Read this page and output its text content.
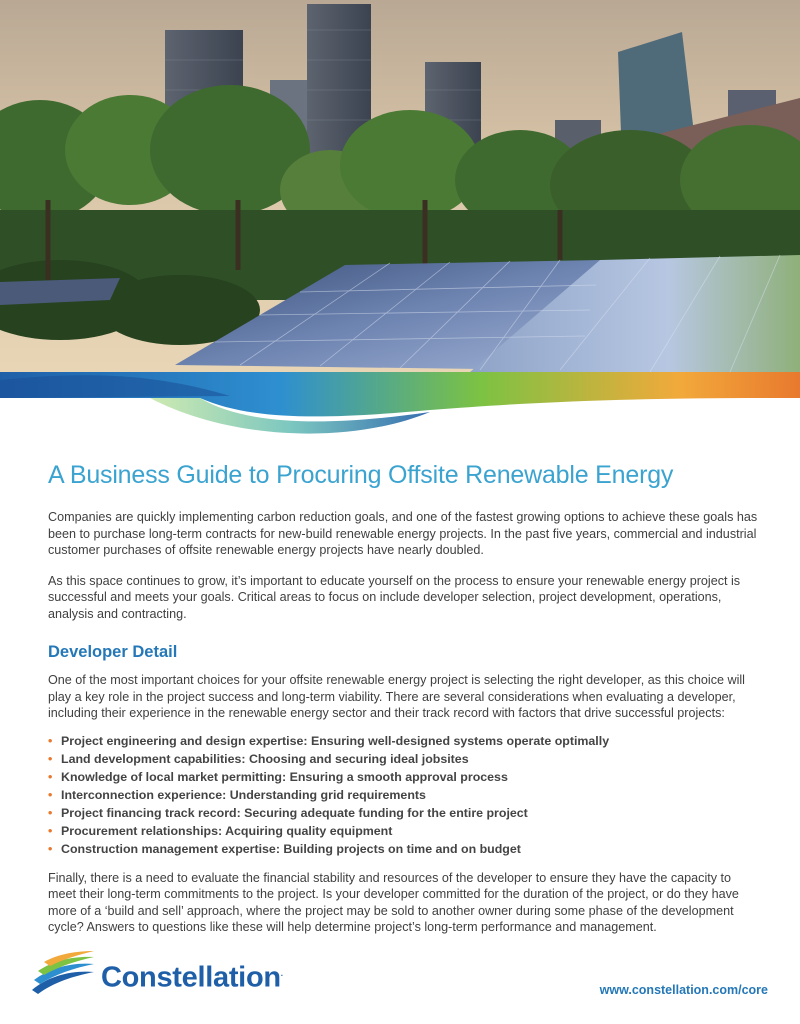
A Business Guide to Procuring Offsite Renewable Energy

Companies are quickly implementing carbon reduction goals, and one of the fastest growing options to achieve these goals has been to purchase long-term contracts for new-build renewable energy projects. In the past five years, commercial and industrial customer purchases of offsite renewable energy projects have nearly doubled.

As this space continues to grow, it’s important to educate yourself on the process to ensure your renewable energy project is successful and meets your goals. Critical areas to focus on include developer selection, project development, operations, analysis and contracting.

Developer Detail

One of the most important choices for your offsite renewable energy project is selecting the right developer, as this choice will play a key role in the project success and long-term viability. There are several considerations when evaluating a developer, including their experience in the renewable energy sector and their track record with factors that drive successful projects:

• Project engineering and design expertise: Ensuring well-designed systems operate optimally
• Land development capabilities: Choosing and securing ideal jobsites
• Knowledge of local market permitting: Ensuring a smooth approval process
• Interconnection experience: Understanding grid requirements
• Project financing track record: Securing adequate funding for the entire project
• Procurement relationships: Acquiring quality equipment
• Construction management expertise: Building projects on time and on budget

Finally, there is a need to evaluate the financial stability and resources of the developer to ensure they have the capacity to meet their long-term commitments to the project. Is your developer committed for the duration of the project, or do they have more of a ‘build and sell’ approach, where the project may be sold to another owner during some phase of the development cycle? Answers to questions like these will help determine project’s long-term performance and management.

Constellation.
www.constellation.com/core
